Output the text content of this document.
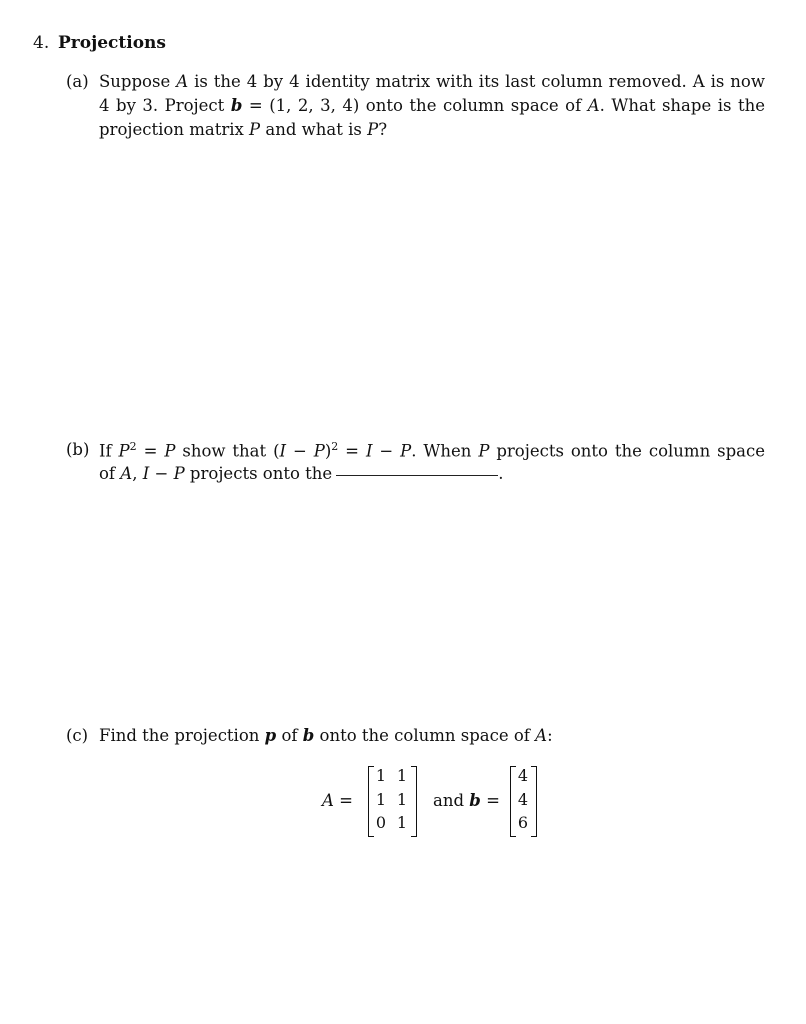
4. Projections
(a) Suppose A is the 4 by 4 identity matrix with its last column removed. A is now
4 by 3. Project b = (1, 2, 3, 4) onto the column space of A. What shape is the
projection matrix P and what is P?
(b) If $P^2 = P$ show that $(I - P)^2 = I - P$. When P projects onto the column space
of A, I − P projects onto the	.
(c) Find the projection p of b onto the column space of A:
A =
1 1
1 1
0 1
and b =
4
4
6
